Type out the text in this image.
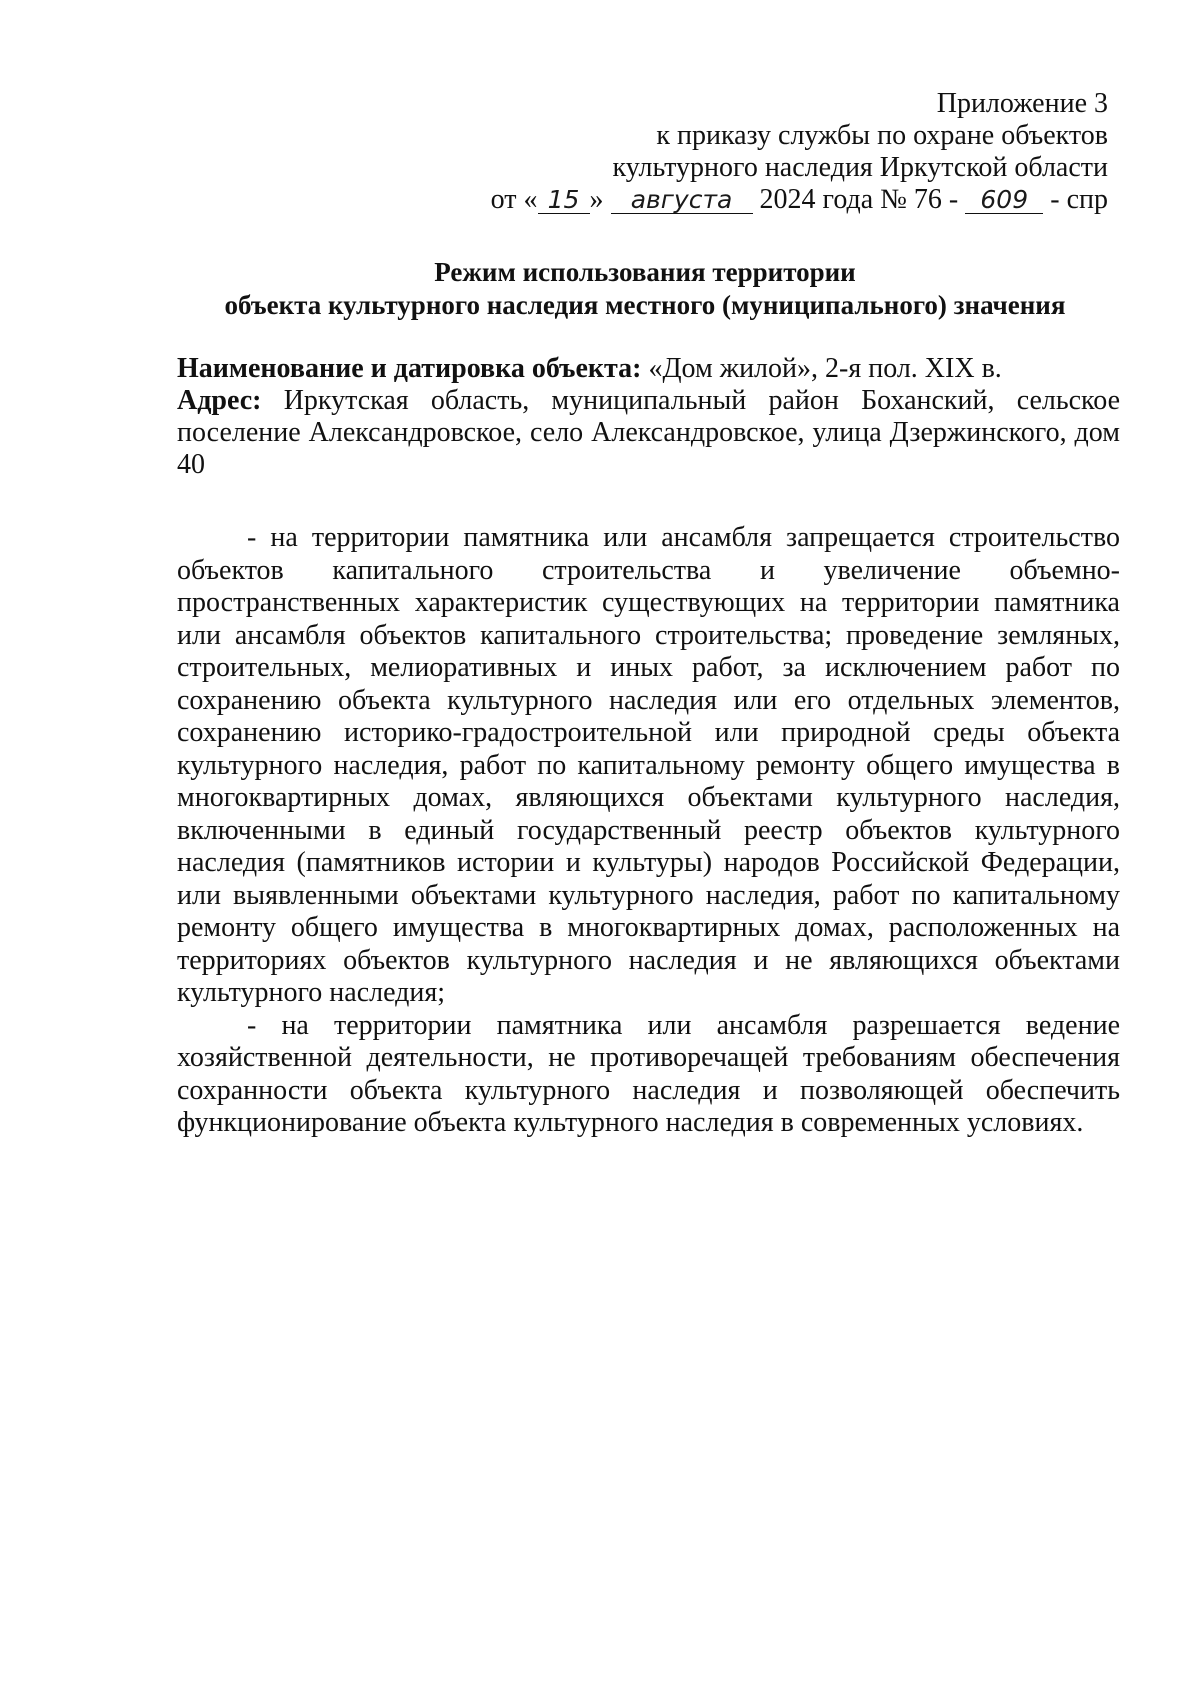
Приложение 3
к приказу службы по охране объектов
культурного наследия Иркутской области
от « 15 » августа 2024 года № 76 - 609 - спр
Режим использования территории
объекта культурного наследия местного (муниципального) значения

Наименование и датировка объекта: «Дом жилой», 2-я пол. XIX в.

Адрес: Иркутская область, муниципальный район Боханский, сельское поселение Александровское, село Александровское, улица Дзержинского, дом 40

- на территории памятника или ансамбля запрещается строительство объектов капитального строительства и увеличение объемно-пространственных характеристик существующих на территории памятника или ансамбля объектов капитального строительства; проведение земляных, строительных, мелиоративных и иных работ, за исключением работ по сохранению объекта культурного наследия или его отдельных элементов, сохранению историко-градостроительной или природной среды объекта культурного наследия, работ по капитальному ремонту общего имущества в многоквартирных домах, являющихся объектами культурного наследия, включенными в единый государственный реестр объектов культурного наследия (памятников истории и культуры) народов Российской Федерации, или выявленными объектами культурного наследия, работ по капитальному ремонту общего имущества в многоквартирных домах, расположенных на территориях объектов культурного наследия и не являющихся объектами культурного наследия;

- на территории памятника или ансамбля разрешается ведение хозяйственной деятельности, не противоречащей требованиям обеспечения сохранности объекта культурного наследия и позволяющей обеспечить функционирование объекта культурного наследия в современных условиях.
